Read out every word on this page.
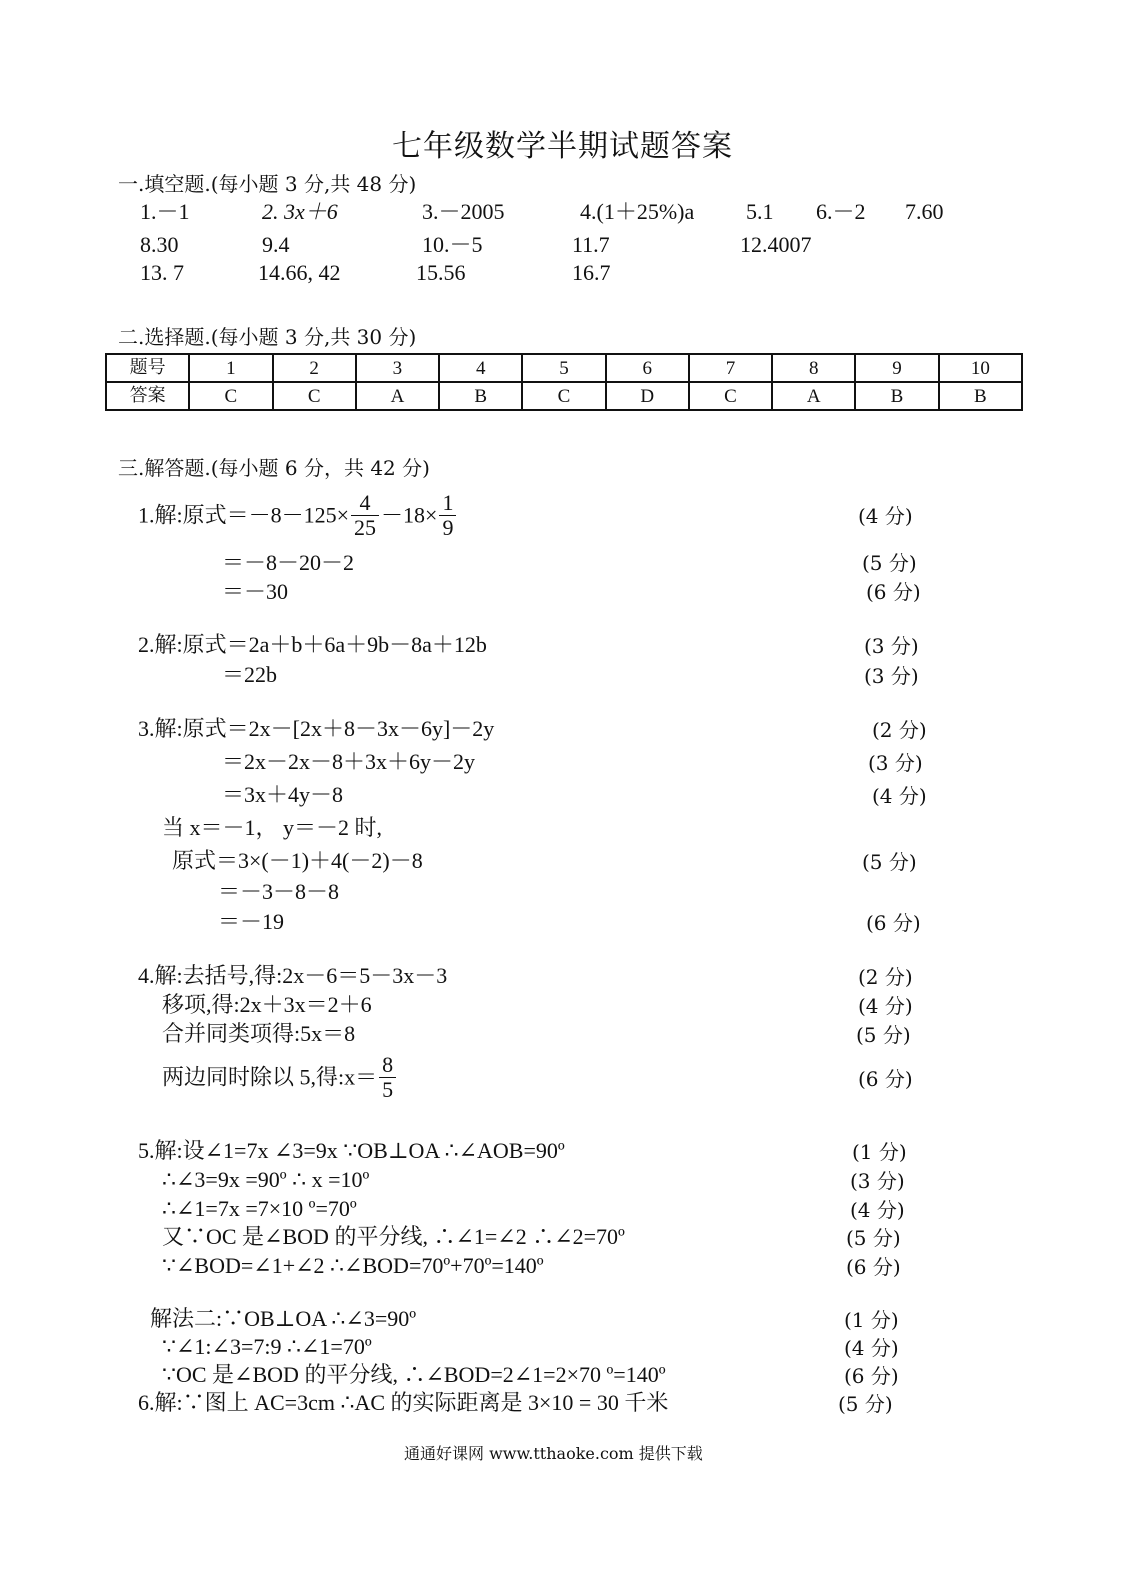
七年级数学半期试题答案
一.填空题.(每小题 3 分,共 48 分)
1.－1	2. 3x＋6	3.－2005	4.(1＋25%)a 5.1 6.－2 7.60
8.30	9.4	10.－5	11.7	12.4007
13. 7	14.66, 42	15.56	16.7
二.选择题.(每小题 3 分,共 30 分)
题号	1	2	3	4	5	6	7	8	9	10
答案	C	C	A	B	C	D	C	A	B	B
三.解答题.(每小题 6 分，共 42 分)
1.解:原式$=-8-125\times \frac{4}{25} -18\times \frac{1}{9}$	(4 分)
＝－8－20－2	(5 分)
＝－30	(6 分)
2.解:原式＝2a＋b＋6a＋9b－8a＋12b	(3 分)
＝22b	(3 分)
3.解:原式＝2x－[2x＋8－3x－6y]－2y	(2 分)
＝2x－2x－8＋3x＋6y－2y	(3 分)
＝3x＋4y－8	(4 分)
当 x＝－1， y＝－2 时,
原式＝3×(－1)＋4(－2)－8	(5 分)
＝－3－8－8
＝－19	(6 分)
4.解:去括号,得:2x－6＝5－3x－3	(2 分)
移项,得:2x＋3x＝2＋6	(4 分)
合并同类项得:5x＝8	(5 分)
两边同时除以 5,得:x＝ $\frac{8}{5}$	(6 分)
5.解:设∠1=7x ∠3=9x ∵OB⊥OA ∴∠AOB=90º	(1 分)
∴∠3=9x =90º ∴ x =10º	(3 分)
∴∠1=7x =7×10 º=70º	(4 分)
又∵OC 是∠BOD 的平分线, ∴∠1=∠2 ∴∠2=70º	(5 分)
∵∠BOD=∠1+∠2 ∴∠BOD=70º+70º=140º	(6 分)
解法二:∵OB⊥OA ∴∠3=90º	(1 分)
∵∠1:∠3=7:9 ∴∠1=70º	(4 分)
∵OC 是∠BOD 的平分线, ∴∠BOD=2∠1=2×70 º=140º	(6 分)
6.解:∵图上 AC=3cm ∴AC 的实际距离是 3×10 = 30 千米	(5 分)
通通好课网 www.tthaoke.com 提供下载
